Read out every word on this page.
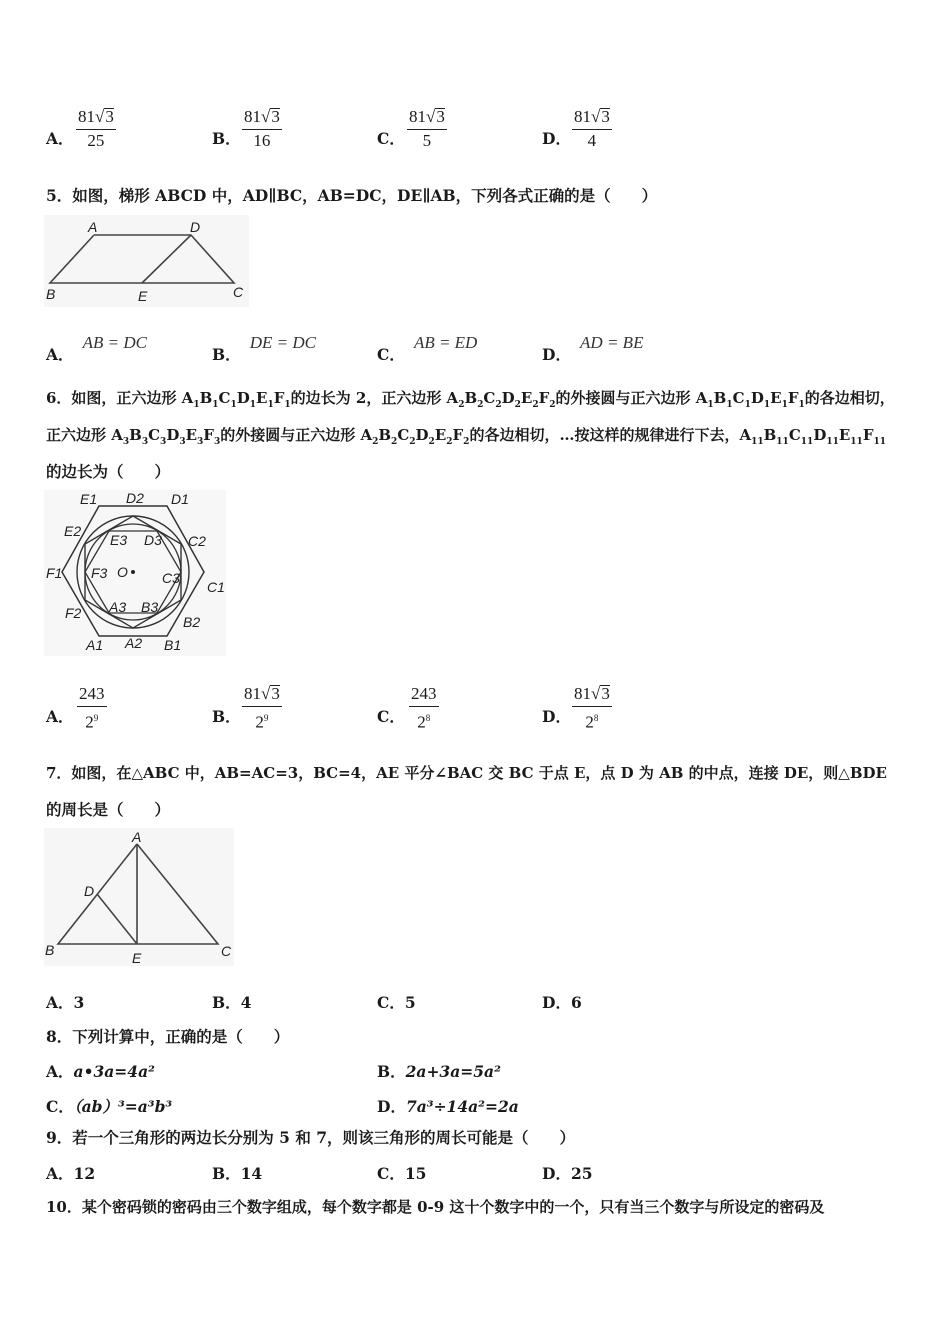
A． $\frac{81√3}{25}$	B． $\frac{81√3}{16}$	C． $\frac{81√3}{5}$	D． $\frac{81√3}{4}$
5．如图，梯形 ABCD 中，AD∥BC，AB=DC，DE∥AB，下列各式正确的是（　　）
A	D
B	E	C
A． AB = DC
B． DE = DC
C． AB = ED
D． AD = BE
6．如图，正六边形 $A_1B_1C_1D_1E_1F_1$的边长为 2，正六边形 $A_2B_2C_2D_2E_2F_2$的外接圆与正六边形 $A_1B_1C_1D_1E_1F_1$的各边相切，
正六边形 $A_3B_3C_3D_3E_3F_3$的外接圆与正六边形 $A_2B_2C_2D_2E_2F_2$的各边相切，…按这样的规律进行下去，$A_{11}B_{11}C_{11}D_{11}E_{11}F_{11}$
的边长为（　　）
E1 D2 D1
E2
C2
E3 D3
F1 F3 O C3
C1
F2 A3 B3
B2
A1 A2 B1
A． $\frac{243}{2^9}$	B． $\frac{81√3}{2^9}$	C． $\frac{243}{2^8}$	D． $\frac{81√3}{2^8}$
7．如图，在△ABC 中，AB=AC=3，BC=4，AE 平分∠BAC 交 BC 于点 E，点 D 为 AB 的中点，连接 DE，则△BDE
的周长是（　　）
A
D
B	E	C
A．3	B．4	C．5	D．6
8．下列计算中，正确的是（　　）
A．a•3a=4a²	B．2a+3a=5a²
C．（ab）³=a³b³	D．7a³÷14a²=2a
9．若一个三角形的两边长分别为 5 和 7，则该三角形的周长可能是（　　）
A．12	B．14	C．15	D．25
10．某个密码锁的密码由三个数字组成，每个数字都是 0-9 这十个数字中的一个，只有当三个数字与所设定的密码及
